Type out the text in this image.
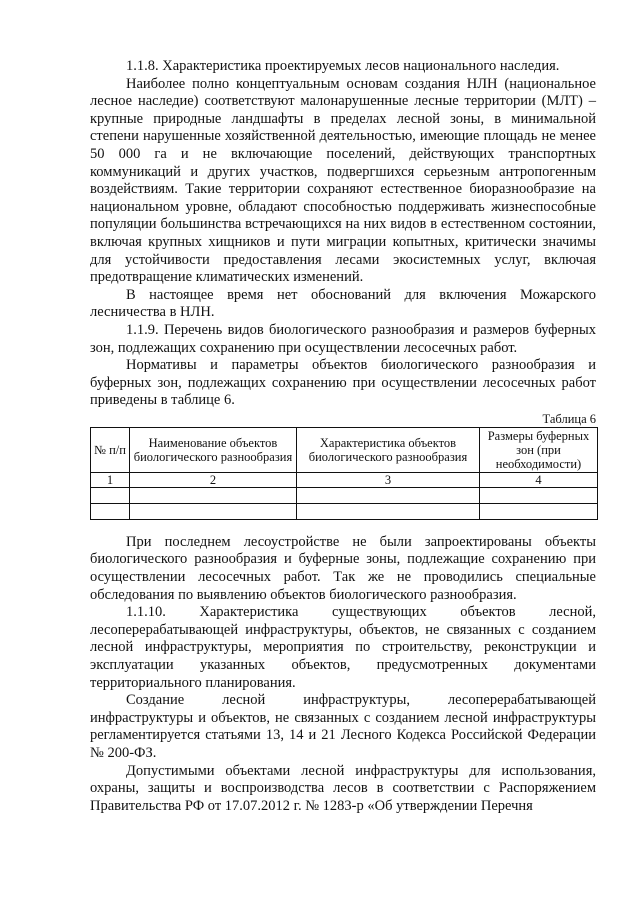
1.1.8. Характеристика проектируемых лесов национального наследия.

Наиболее полно концептуальным основам создания НЛН (национальное лесное наследие) соответствуют малонарушенные лесные территории (МЛТ) – крупные природные ландшафты в пределах лесной зоны, в минимальной степени нарушенные хозяйственной деятельностью, имеющие площадь не менее 50 000 га и не включающие поселений, действующих транспортных коммуникаций и других участков, подвергшихся серьезным антропогенным воздействиям. Такие территории сохраняют естественное биоразнообразие на национальном уровне, обладают способностью поддерживать жизнеспособные популяции большинства встречающихся на них видов в естественном состоянии, включая крупных хищников и пути миграции копытных, критически значимы для устойчивости предоставления лесами экосистемных услуг, включая предотвращение климатических изменений.

В настоящее время нет обоснований для включения Можарского лесничества в НЛН.

1.1.9. Перечень видов биологического разнообразия и размеров буферных зон, подлежащих сохранению при осуществлении лесосечных работ.

Нормативы и параметры объектов биологического разнообразия и буферных зон, подлежащих сохранению при осуществлении лесосечных работ приведены в таблице 6.

Таблица 6
№ п/п	Наименование объектов биологического разнообразия	Характеристика объектов биологического разнообразия	Размеры буферных зон (при необходимости)
1	2	3	4

При последнем лесоустройстве не были запроектированы объекты биологического разнообразия и буферные зоны, подлежащие сохранению при осуществлении лесосечных работ. Так же не проводились специальные обследования по выявлению объектов биологического разнообразия.

1.1.10. Характеристика существующих объектов лесной, лесоперерабатывающей инфраструктуры, объектов, не связанных с созданием лесной инфраструктуры, мероприятия по строительству, реконструкции и эксплуатации указанных объектов, предусмотренных документами территориального планирования.

Создание лесной инфраструктуры, лесоперерабатывающей инфраструктуры и объектов, не связанных с созданием лесной инфраструктуры регламентируется статьями 13, 14 и 21 Лесного Кодекса Российской Федерации № 200-ФЗ.

Допустимыми объектами лесной инфраструктуры для использования, охраны, защиты и воспроизводства лесов в соответствии с Распоряжением Правительства РФ от 17.07.2012 г. № 1283-р «Об утверждении Перечня
